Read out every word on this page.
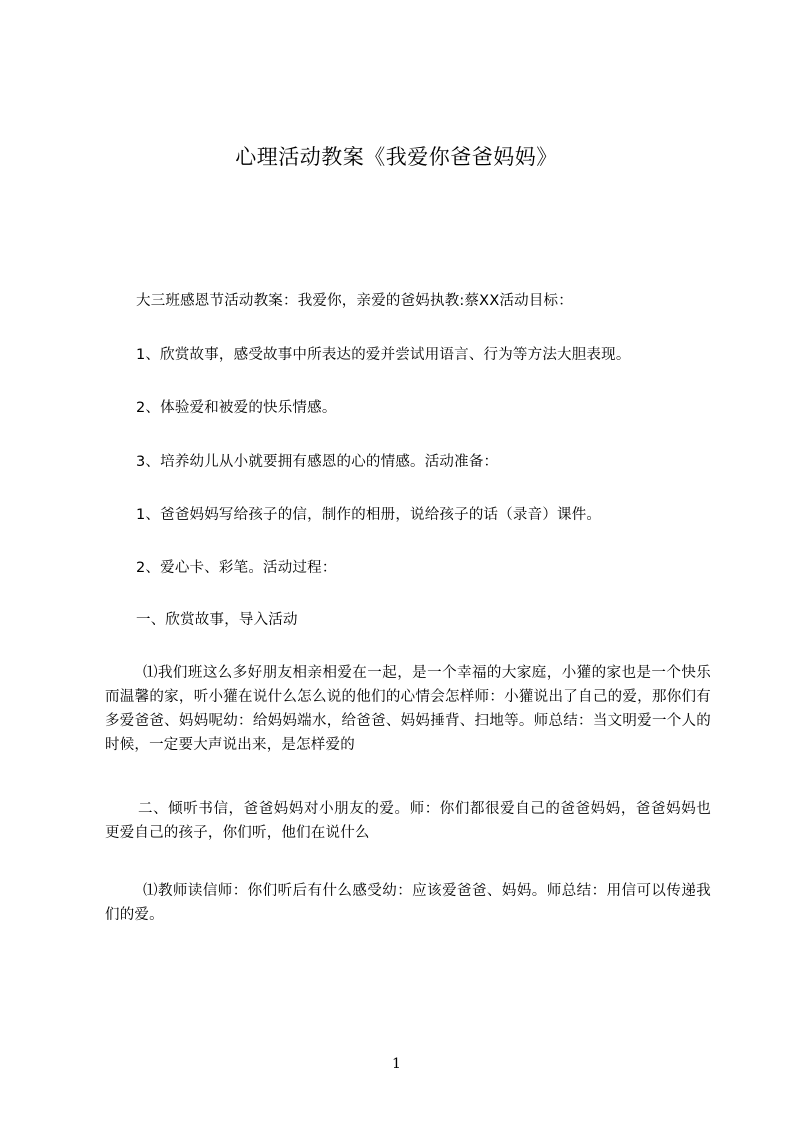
心理活动教案《我爱你爸爸妈妈》

大三班感恩节活动教案：我爱你，亲爱的爸妈执教:蔡XX活动目标：

1、欣赏故事，感受故事中所表达的爱并尝试用语言、行为等方法大胆表现。

2、体验爱和被爱的快乐情感。

3、培养幼儿从小就要拥有感恩的心的情感。活动准备：

1、爸爸妈妈写给孩子的信，制作的相册，说给孩子的话（录音）课件。

2、爱心卡、彩笔。活动过程：

一、欣赏故事，导入活动

⑴我们班这么多好朋友相亲相爱在一起，是一个幸福的大家庭，小獾的家也是一个快乐而温馨的家，听小獾在说什么怎么说的他们的心情会怎样师：小獾说出了自己的爱，那你们有多爱爸爸、妈妈呢幼：给妈妈端水，给爸爸、妈妈捶背、扫地等。师总结：当文明爱一个人的时候，一定要大声说出来，是怎样爱的

二、倾听书信，爸爸妈妈对小朋友的爱。师：你们都很爱自己的爸爸妈妈，爸爸妈妈也更爱自己的孩子，你们听，他们在说什么

⑴教师读信师：你们听后有什么感受幼：应该爱爸爸、妈妈。师总结：用信可以传递我们的爱。

1
